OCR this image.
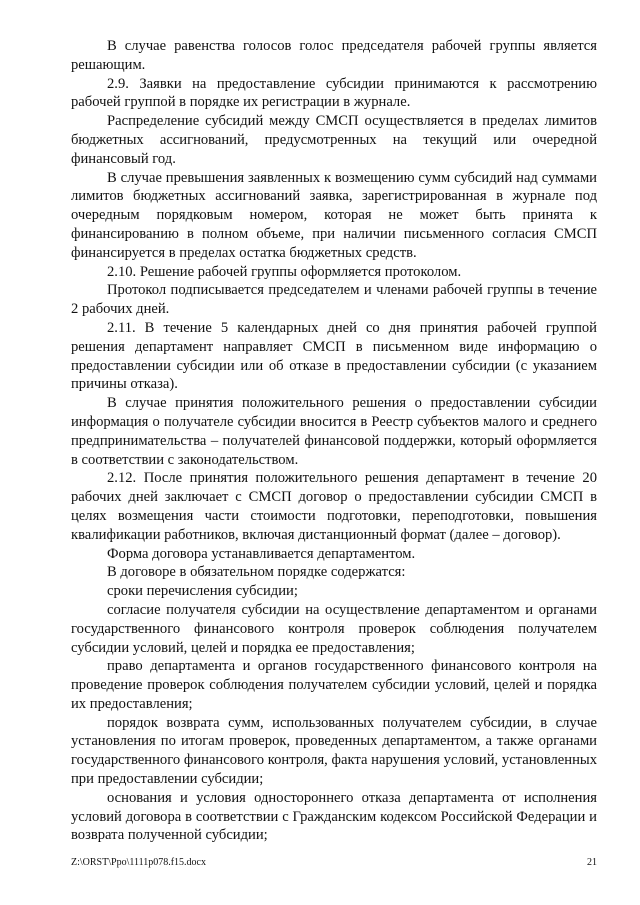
В случае равенства голосов голос председателя рабочей группы является решающим.

2.9. Заявки на предоставление субсидии принимаются к рассмотрению рабочей группой в порядке их регистрации в журнале.

Распределение субсидий между СМСП осуществляется в пределах лимитов бюджетных ассигнований, предусмотренных на текущий или очередной финансовый год.

В случае превышения заявленных к возмещению сумм субсидий над суммами лимитов бюджетных ассигнований заявка, зарегистрированная в журнале под очередным порядковым номером, которая не может быть принята к финансированию в полном объеме, при наличии письменного согласия СМСП финансируется в пределах остатка бюджетных средств.

2.10. Решение рабочей группы оформляется протоколом.

Протокол подписывается председателем и членами рабочей группы в течение 2 рабочих дней.

2.11. В течение 5 календарных дней со дня принятия рабочей группой решения департамент направляет СМСП в письменном виде информацию о предоставлении субсидии или об отказе в предоставлении субсидии (с указанием причины отказа).

В случае принятия положительного решения о предоставлении субсидии информация о получателе субсидии вносится в Реестр субъектов малого и среднего предпринимательства – получателей финансовой поддержки, который оформляется в соответствии с законодательством.

2.12. После принятия положительного решения департамент в течение 20 рабочих дней заключает с СМСП договор о предоставлении субсидии СМСП в целях возмещения части стоимости подготовки, переподготовки, повышения квалификации работников, включая дистанционный формат (далее – договор).

Форма договора устанавливается департаментом.

В договоре в обязательном порядке содержатся:

сроки перечисления субсидии;

согласие получателя субсидии на осуществление департаментом и органами государственного финансового контроля проверок соблюдения получателем субсидии условий, целей и порядка ее предоставления;

право департамента и органов государственного финансового контроля на проведение проверок соблюдения получателем субсидии условий, целей и порядка их предоставления;

порядок возврата сумм, использованных получателем субсидии, в случае установления по итогам проверок, проведенных департаментом, а также органами государственного финансового контроля, факта нарушения условий, установленных при предоставлении субсидии;

основания и условия одностороннего отказа департамента от исполнения условий договора в соответствии с Гражданским кодексом Российской Федерации и возврата полученной субсидии;

Z:\ORST\Ppo\1111p078.f15.docx	21
